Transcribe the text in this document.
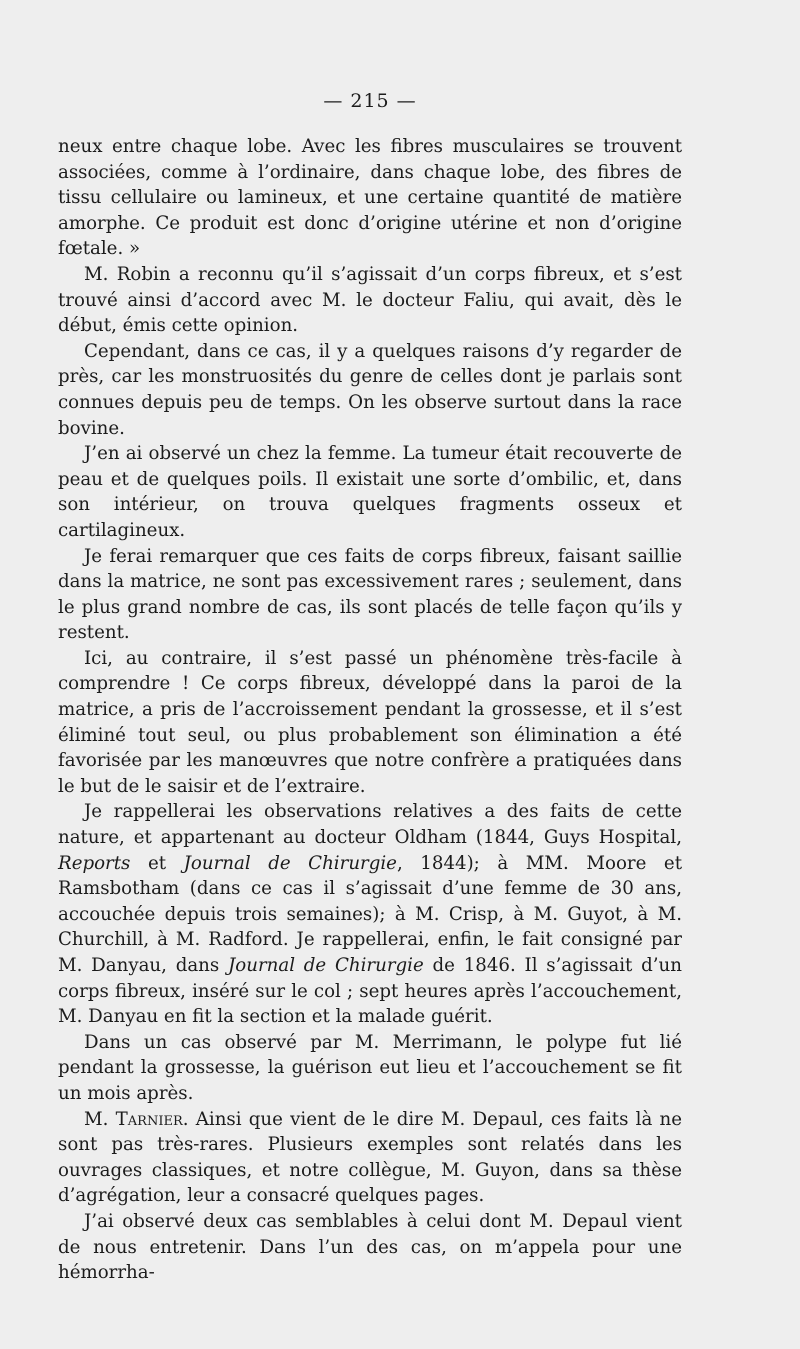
— 215 —

neux entre chaque lobe. Avec les fibres musculaires se trouvent associées, comme à l’ordinaire, dans chaque lobe, des fibres de tissu cellulaire ou lamineux, et une certaine quantité de matière amorphe. Ce produit est donc d’origine utérine et non d’origine fœtale. »

M. Robin a reconnu qu’il s’agissait d’un corps fibreux, et s’est trouvé ainsi d’accord avec M. le docteur Faliu, qui avait, dès le début, émis cette opinion.

Cependant, dans ce cas, il y a quelques raisons d’y regarder de près, car les monstruosités du genre de celles dont je parlais sont connues depuis peu de temps. On les observe surtout dans la race bovine.

J’en ai observé un chez la femme. La tumeur était recouverte de peau et de quelques poils. Il existait une sorte d’ombilic, et, dans son intérieur, on trouva quelques fragments osseux et cartilagineux.

Je ferai remarquer que ces faits de corps fibreux, faisant saillie dans la matrice, ne sont pas excessivement rares ; seulement, dans le plus grand nombre de cas, ils sont placés de telle façon qu’ils y restent.

Ici, au contraire, il s’est passé un phénomène très-facile à comprendre ! Ce corps fibreux, développé dans la paroi de la matrice, a pris de l’accroissement pendant la grossesse, et il s’est éliminé tout seul, ou plus probablement son élimination a été favorisée par les manœuvres que notre confrère a pratiquées dans le but de le saisir et de l’extraire.

Je rappellerai les observations relatives a des faits de cette nature, et appartenant au docteur Oldham (1844, Guys Hospital, Reports et Journal de Chirurgie, 1844); à MM. Moore et Ramsbotham (dans ce cas il s’agissait d’une femme de 30 ans, accouchée depuis trois semaines); à M. Crisp, à M. Guyot, à M. Churchill, à M. Radford. Je rappellerai, enfin, le fait consigné par M. Danyau, dans Journal de Chirurgie de 1846. Il s’agissait d’un corps fibreux, inséré sur le col ; sept heures après l’accouchement, M. Danyau en fit la section et la malade guérit.

Dans un cas observé par M. Merrimann, le polype fut lié pendant la grossesse, la guérison eut lieu et l’accouchement se fit un mois après.

M. Tarnier. Ainsi que vient de le dire M. Depaul, ces faits là ne sont pas très-rares. Plusieurs exemples sont relatés dans les ouvrages classiques, et notre collègue, M. Guyon, dans sa thèse d’agrégation, leur a consacré quelques pages.

J’ai observé deux cas semblables à celui dont M. Depaul vient de nous entretenir. Dans l’un des cas, on m’appela pour une hémorrha-
